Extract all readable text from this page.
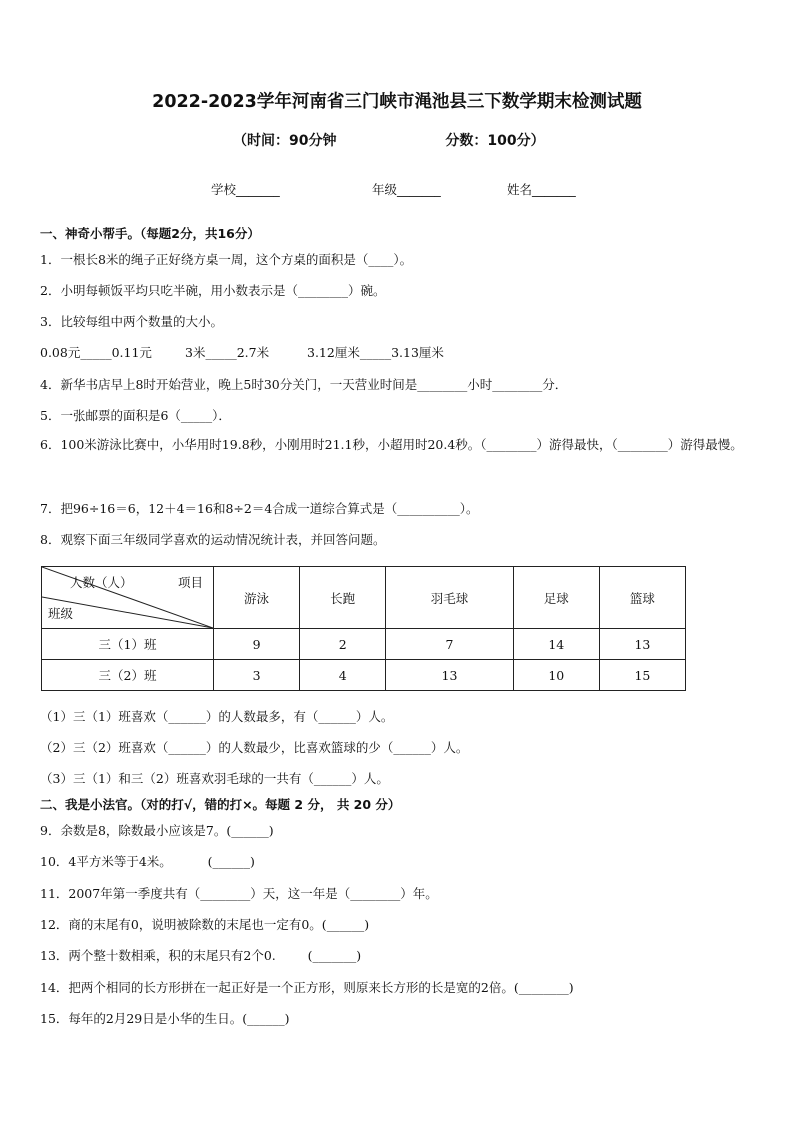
2022-2023学年河南省三门峡市渑池县三下数学期末检测试题
（时间：90分钟	分数：100分）
学校_______	年级_______	姓名_______
一、神奇小帮手。（每题2分，共16分）
1．一根长8米的绳子正好绕方桌一周，这个方桌的面积是（____）。
2．小明每顿饭平均只吃半碗，用小数表示是（________）碗。
3．比较每组中两个数量的大小。
0.08元_____0.11元	3米_____2.7米	3.12厘米_____3.13厘米
4．新华书店早上8时开始营业，晚上5时30分关门，一天营业时间是________小时________分．
5．一张邮票的面积是6（_____）．
6．100米游泳比赛中，小华用时19.8秒，小刚用时21.1秒，小超用时20.4秒。（________）游得最快，（________）游得最慢。
7．把96÷16＝6，12＋4＝16和8÷2＝4合成一道综合算式是（__________）。
8．观察下面三年级同学喜欢的运动情况统计表，并回答问题。
人数（人） 项目
班级	游泳	长跑	羽毛球	足球	篮球
三（1）班	9	2	7	14	13
三（2）班	3	4	13	10	15
（1）三（1）班喜欢（______）的人数最多，有（______）人。
（2）三（2）班喜欢（______）的人数最少，比喜欢篮球的少（______）人。
（3）三（1）和三（2）班喜欢羽毛球的一共有（______）人。
二、我是小法官。（对的打√，错的打×。每题 2 分， 共 20 分）
9．余数是8，除数最小应该是7。(______)
10．4平方米等于4米。         (______)
11．2007年第一季度共有（________）天，这一年是（________）年。
12．商的末尾有0，说明被除数的末尾也一定有0。(______)
13．两个整十数相乘，积的末尾只有2个0.        (_______)
14．把两个相同的长方形拼在一起正好是一个正方形，则原来长方形的长是宽的2倍。(________)
15．每年的2月29日是小华的生日。(______)
